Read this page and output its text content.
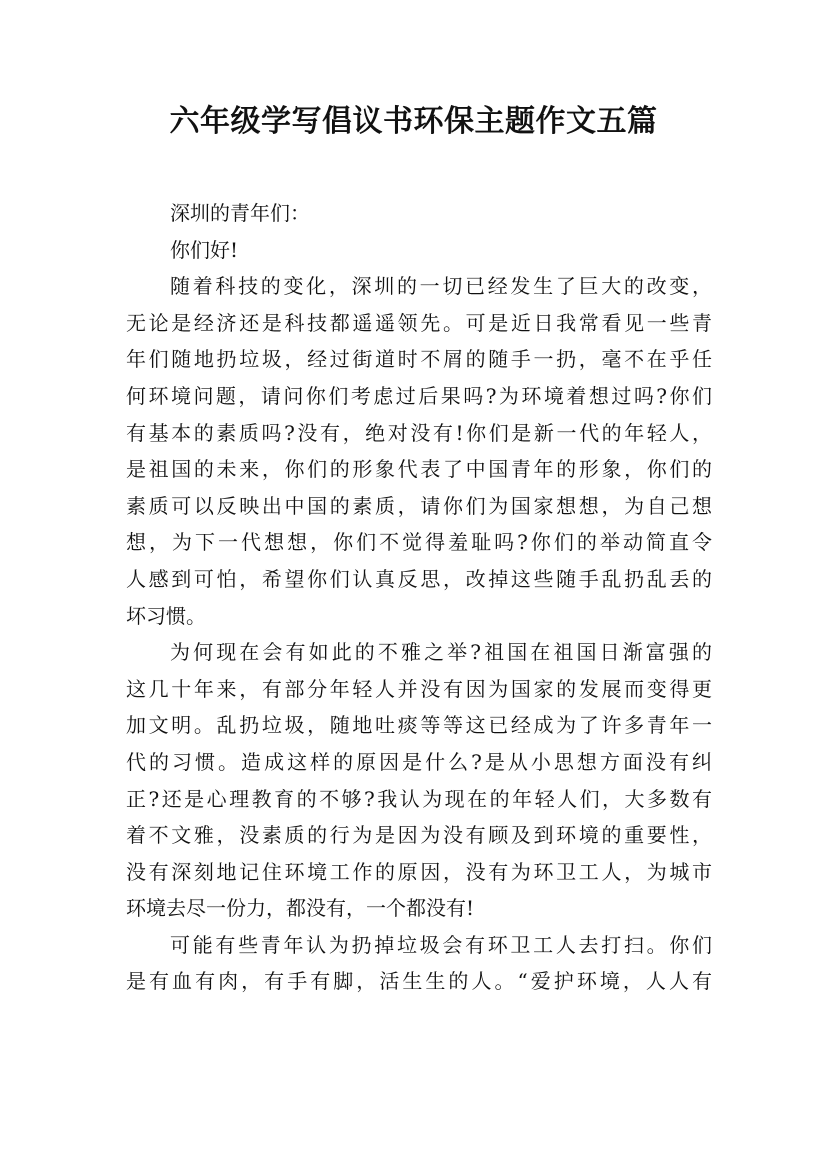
六年级学写倡议书环保主题作文五篇
深圳的青年们：
你们好!
随着科技的变化，深圳的一切已经发生了巨大的改变，
无论是经济还是科技都遥遥领先。可是近日我常看见一些青
年们随地扔垃圾，经过街道时不屑的随手一扔，毫不在乎任
何环境问题，请问你们考虑过后果吗?为环境着想过吗?你们
有基本的素质吗?没有，绝对没有!你们是新一代的年轻人，
是祖国的未来，你们的形象代表了中国青年的形象，你们的
素质可以反映出中国的素质，请你们为国家想想，为自己想
想，为下一代想想，你们不觉得羞耻吗?你们的举动简直令
人感到可怕，希望你们认真反思，改掉这些随手乱扔乱丢的
坏习惯。
为何现在会有如此的不雅之举?祖国在祖国日渐富强的
这几十年来，有部分年轻人并没有因为国家的发展而变得更
加文明。乱扔垃圾，随地吐痰等等这已经成为了许多青年一
代的习惯。造成这样的原因是什么?是从小思想方面没有纠
正?还是心理教育的不够?我认为现在的年轻人们，大多数有
着不文雅，没素质的行为是因为没有顾及到环境的重要性，
没有深刻地记住环境工作的原因，没有为环卫工人，为城市
环境去尽一份力，都没有，一个都没有!
可能有些青年认为扔掉垃圾会有环卫工人去打扫。你们
是有血有肉，有手有脚，活生生的人。“爱护环境，人人有
